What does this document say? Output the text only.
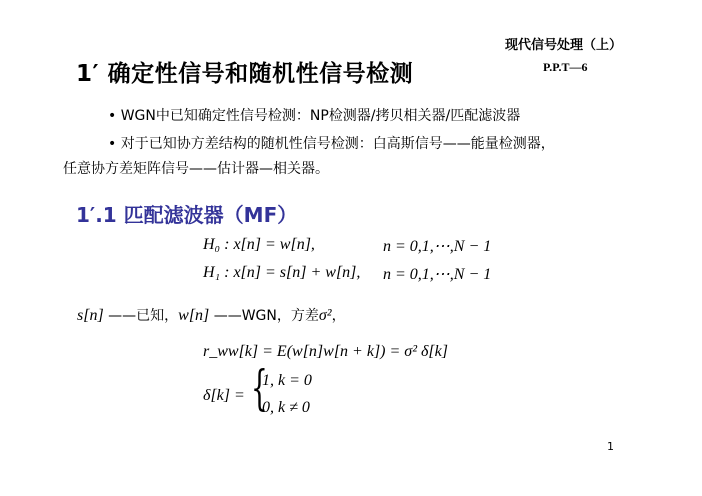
现代信号处理（上）
P.P.T—6
1′ 确定性信号和随机性信号检测
• WGN中已知确定性信号检测：NP检测器/拷贝相关器/匹配滤波器
• 对于已知协方差结构的随机性信号检测：白高斯信号——能量检测器，
任意协方差矩阵信号——估计器—相关器。
1′.1 匹配滤波器（MF）
H₀ : x[n] = w[n],	n = 0,1,⋯,N − 1
H₁ : x[n] = s[n] + w[n], n = 0,1,⋯,N − 1
s[n] ——已知，w[n] ——WGN，方差σ²，
r_ww[k] = E(w[n]w[n + k]) = σ² δ[k]
δ[k] = {
1, k = 0
0, k ≠ 0
1
